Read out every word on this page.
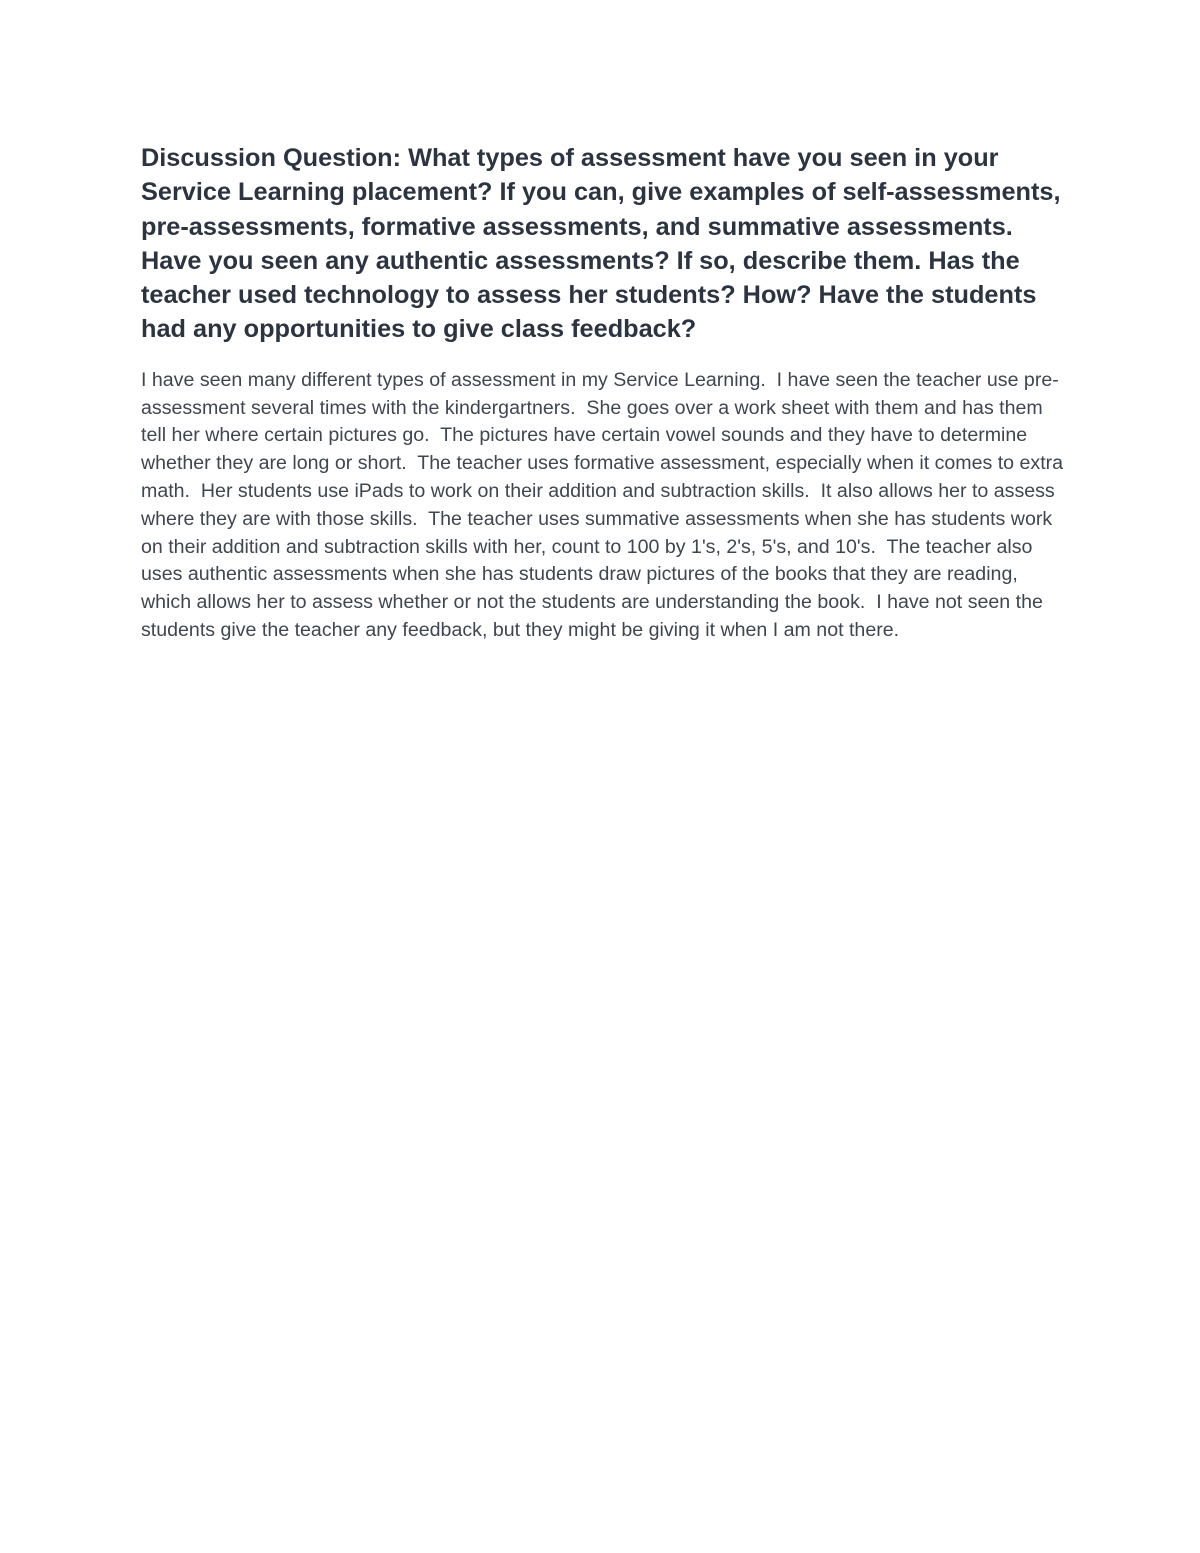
Discussion Question: What types of assessment have you seen in your Service Learning placement? If you can, give examples of self-assessments, pre-assessments, formative assessments, and summative assessments. Have you seen any authentic assessments? If so, describe them. Has the teacher used technology to assess her students? How? Have the students had any opportunities to give class feedback?

I have seen many different types of assessment in my Service Learning.  I have seen the teacher use pre-assessment several times with the kindergartners.  She goes over a work sheet with them and has them tell her where certain pictures go.  The pictures have certain vowel sounds and they have to determine whether they are long or short.  The teacher uses formative assessment, especially when it comes to extra math.  Her students use iPads to work on their addition and subtraction skills.  It also allows her to assess where they are with those skills.  The teacher uses summative assessments when she has students work on their addition and subtraction skills with her, count to 100 by 1's, 2's, 5's, and 10's.  The teacher also uses authentic assessments when she has students draw pictures of the books that they are reading, which allows her to assess whether or not the students are understanding the book.  I have not seen the students give the teacher any feedback, but they might be giving it when I am not there.
